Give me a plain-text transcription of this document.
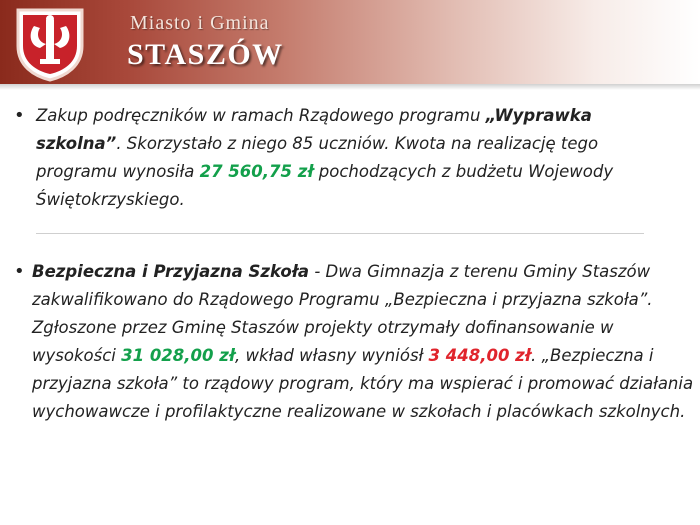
Miasto i Gmina
STASZÓW
• Zakup podręczników w ramach Rządowego programu „Wyprawka szkolna”. Skorzystało z niego 85 uczniów. Kwota na realizację tego programu wynosiła 27 560,75 zł pochodzących z budżetu Wojewody Świętokrzyskiego.
• Bezpieczna i Przyjazna Szkoła - Dwa Gimnazja z terenu Gminy Staszów zakwalifikowano do Rządowego Programu „Bezpieczna i przyjazna szkoła”. Zgłoszone przez Gminę Staszów projekty otrzymały dofinansowanie w wysokości 31 028,00 zł, wkład własny wyniósł 3 448,00 zł. „Bezpieczna i przyjazna szkoła” to rządowy program, który ma wspierać i promować działania wychowawcze i profilaktyczne realizowane w szkołach i placówkach szkolnych.
